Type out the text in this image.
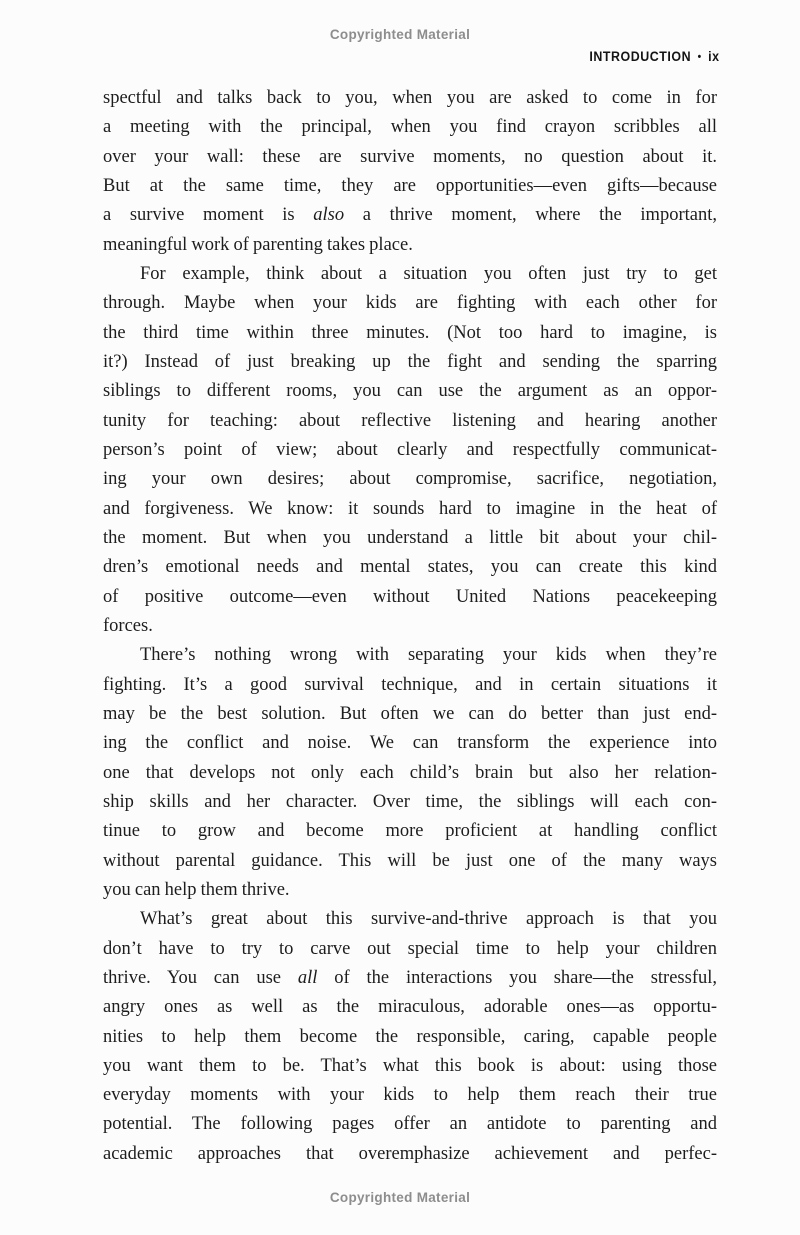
Copyrighted Material
INTRODUCTION • ix
spectful and talks back to you, when you are asked to come in for
a meeting with the principal, when you find crayon scribbles all
over your wall: these are survive moments, no question about it.
But at the same time, they are opportunities—even gifts—because
a survive moment is also a thrive moment, where the important,
meaningful work of parenting takes place.
For example, think about a situation you often just try to get
through. Maybe when your kids are fighting with each other for
the third time within three minutes. (Not too hard to imagine, is
it?) Instead of just breaking up the fight and sending the sparring
siblings to different rooms, you can use the argument as an oppor-
tunity for teaching: about reflective listening and hearing another
person’s point of view; about clearly and respectfully communicat-
ing your own desires; about compromise, sacrifice, negotiation,
and forgiveness. We know: it sounds hard to imagine in the heat of
the moment. But when you understand a little bit about your chil-
dren’s emotional needs and mental states, you can create this kind
of positive outcome—even without United Nations peacekeeping
forces.
There’s nothing wrong with separating your kids when they’re
fighting. It’s a good survival technique, and in certain situations it
may be the best solution. But often we can do better than just end-
ing the conflict and noise. We can transform the experience into
one that develops not only each child’s brain but also her relation-
ship skills and her character. Over time, the siblings will each con-
tinue to grow and become more proficient at handling conflict
without parental guidance. This will be just one of the many ways
you can help them thrive.
What’s great about this survive-and-thrive approach is that you
don’t have to try to carve out special time to help your children
thrive. You can use all of the interactions you share—the stressful,
angry ones as well as the miraculous, adorable ones—as opportu-
nities to help them become the responsible, caring, capable people
you want them to be. That’s what this book is about: using those
everyday moments with your kids to help them reach their true
potential. The following pages offer an antidote to parenting and
academic approaches that overemphasize achievement and perfec-
Copyrighted Material
